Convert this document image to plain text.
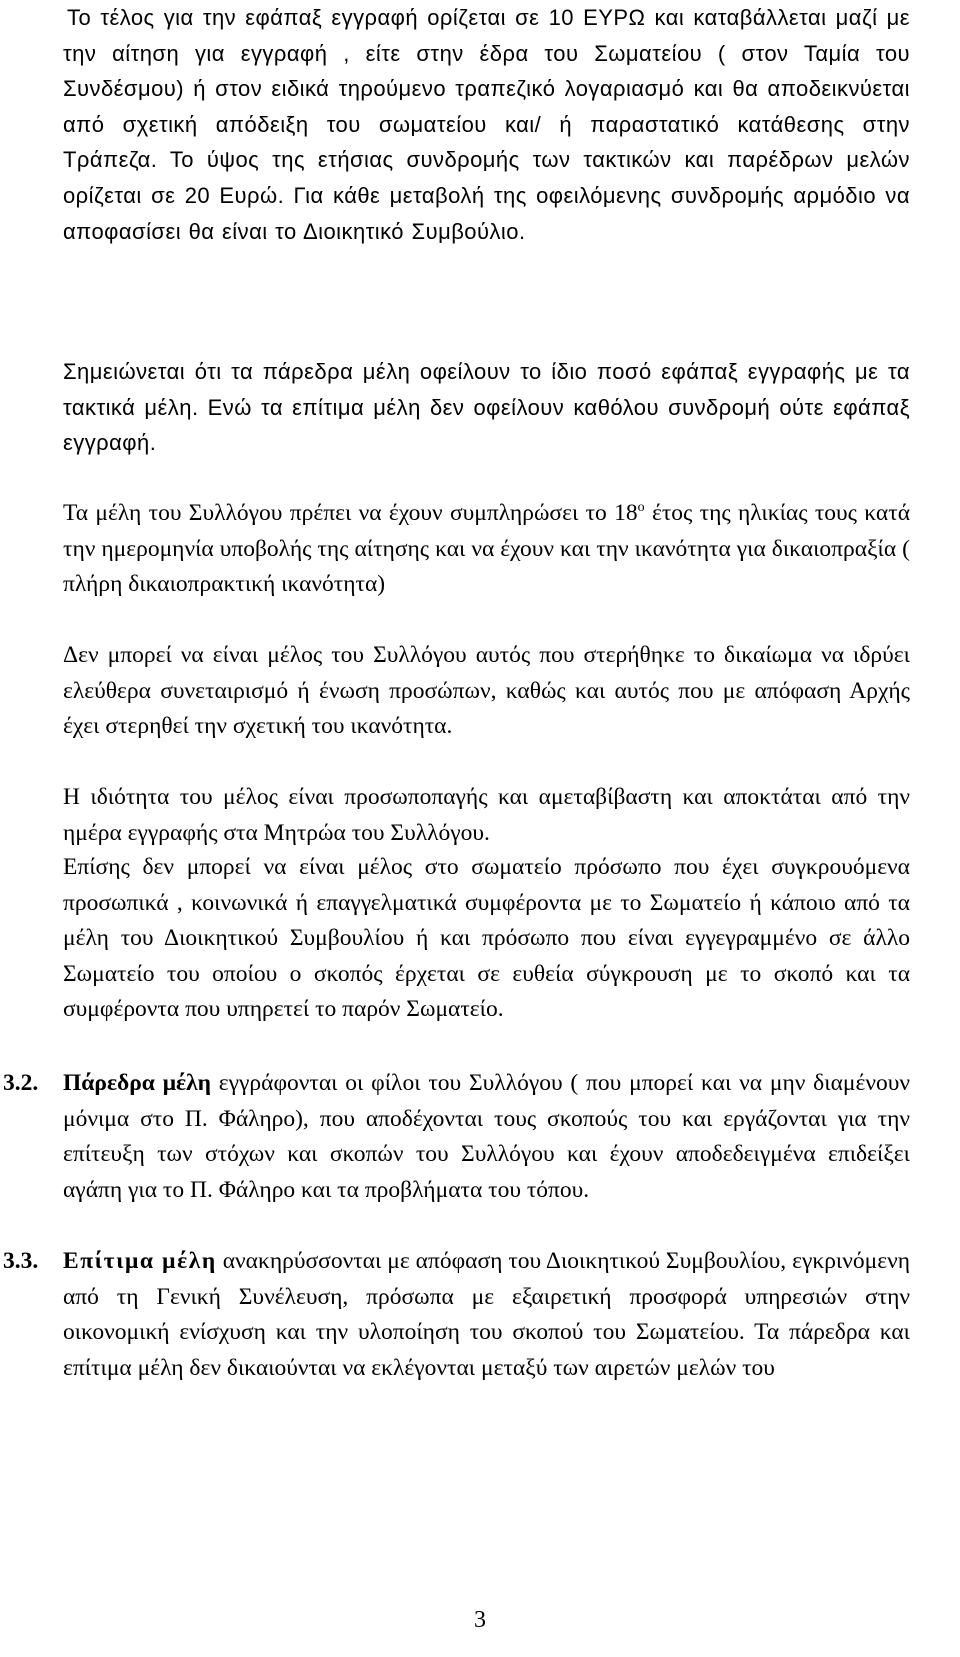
Το τέλος για την εφάπαξ εγγραφή ορίζεται σε 10 ΕΥΡΩ και καταβάλλεται μαζί με την αίτηση για εγγραφή , είτε στην έδρα του Σωματείου ( στον Ταμία του Συνδέσμου) ή στον ειδικά τηρούμενο τραπεζικό λογαριασμό και θα αποδεικνύεται από σχετική απόδειξη του σωματείου και/ ή παραστατικό κατάθεσης στην Τράπεζα. Το ύψος της ετήσιας συνδρομής των τακτικών και παρέδρων μελών ορίζεται σε 20 Ευρώ. Για κάθε μεταβολή της οφειλόμενης συνδρομής αρμόδιο να αποφασίσει θα είναι το Διοικητικό Συμβούλιο.

Σημειώνεται ότι τα πάρεδρα μέλη οφείλουν το ίδιο ποσό εφάπαξ εγγραφής με τα τακτικά μέλη. Ενώ τα επίτιμα μέλη δεν οφείλουν καθόλου συνδρομή ούτε εφάπαξ εγγραφή.

Τα μέλη του Συλλόγου πρέπει να έχουν συμπληρώσει το $18^o$ έτος της ηλικίας τους κατά την ημερομηνία υποβολής της αίτησης και να έχουν και την ικανότητα για δικαιοπραξία ( πλήρη δικαιοπρακτική ικανότητα)

Δεν μπορεί να είναι μέλος του Συλλόγου αυτός που στερήθηκε το δικαίωμα να ιδρύει ελεύθερα συνεταιρισμό ή ένωση προσώπων, καθώς και αυτός που με απόφαση Αρχής έχει στερηθεί την σχετική του ικανότητα.

Η ιδιότητα του μέλος είναι προσωποπαγής και αμεταβίβαστη και αποκτάται από την ημέρα εγγραφής στα Μητρώα του Συλλόγου.

Επίσης δεν μπορεί να είναι μέλος στο σωματείο πρόσωπο που έχει συγκρουόμενα προσωπικά , κοινωνικά ή επαγγελματικά συμφέροντα με το Σωματείο ή κάποιο από τα μέλη του Διοικητικού Συμβουλίου ή και πρόσωπο που είναι εγγεγραμμένο σε άλλο Σωματείο του οποίου ο σκοπός έρχεται σε ευθεία σύγκρουση με το σκοπό και τα συμφέροντα που υπηρετεί το παρόν Σωματείο.

3.2. Πάρεδρα μέλη εγγράφονται οι φίλοι του Συλλόγου ( που μπορεί και να μην διαμένουν μόνιμα στο Π. Φάληρο), που αποδέχονται τους σκοπούς του και εργάζονται για την επίτευξη των στόχων και σκοπών του Συλλόγου και έχουν αποδεδειγμένα επιδείξει αγάπη για το Π. Φάληρο και τα προβλήματα του τόπου.

3.3. Επίτιμα μέλη ανακηρύσσονται με απόφαση του Διοικητικού Συμβουλίου, εγκρινόμενη από τη Γενική Συνέλευση, πρόσωπα με εξαιρετική προσφορά υπηρεσιών στην οικονομική ενίσχυση και την υλοποίηση του σκοπού του Σωματείου. Τα πάρεδρα και επίτιμα μέλη δεν δικαιούνται να εκλέγονται μεταξύ των αιρετών μελών του

3
